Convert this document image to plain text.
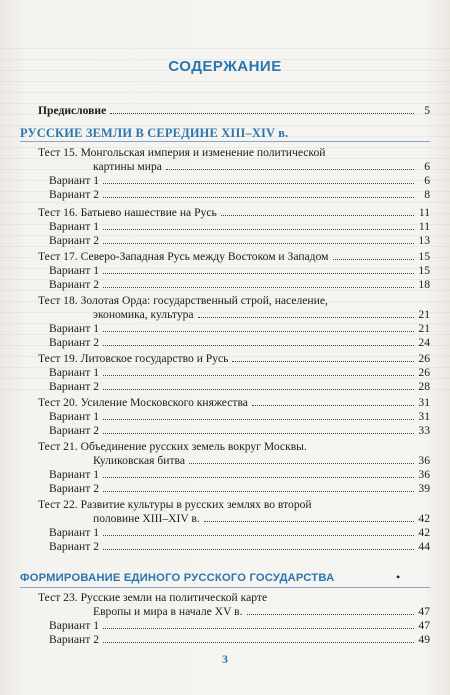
СОДЕРЖАНИЕ
Предисловие	5
РУССКИЕ ЗЕМЛИ В СЕРЕДИНЕ XIII–XIV в.
Тест 15. Монгольская империя и изменение политической
картины мира	6
Вариант 1	6
Вариант 2	8
Тест 16. Батыево нашествие на Русь	11
Вариант 1	11
Вариант 2	13
Тест 17. Северо-Западная Русь между Востоком и Западом	15
Вариант 1	15
Вариант 2	18
Тест 18. Золотая Орда: государственный строй, население,
экономика, культура	21
Вариант 1	21
Вариант 2	24
Тест 19. Литовское государство и Русь	26
Вариант 1	26
Вариант 2	28
Тест 20. Усиление Московского княжества	31
Вариант 1	31
Вариант 2	33
Тест 21. Объединение русских земель вокруг Москвы.
Куликовская битва	36
Вариант 1	36
Вариант 2	39
Тест 22. Развитие культуры в русских землях во второй
половине XIII–XIV в.	42
Вариант 1	42
Вариант 2	44
ФОРМИРОВАНИЕ ЕДИНОГО РУССКОГО ГОСУДАРСТВА	•
Тест 23. Русские земли на политической карте
Европы и мира в начале XV в.	47
Вариант 1	47
Вариант 2	49
3
